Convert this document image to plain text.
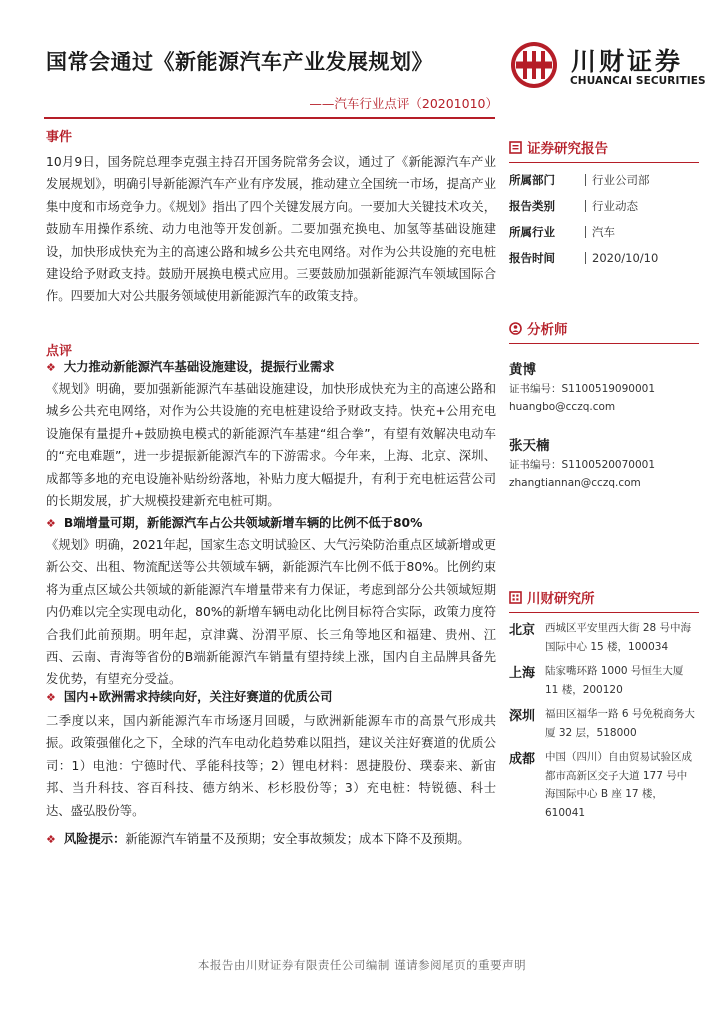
国常会通过《新能源汽车产业发展规划》
——汽车行业点评（20201010）
川财证券
CHUANCAI SECURITIES
事件
10月9日，国务院总理李克强主持召开国务院常务会议，通过了《新能源汽车产业发展规划》，明确引导新能源汽车产业有序发展，推动建立全国统一市场，提高产业集中度和市场竞争力。《规划》指出了四个关键发展方向。一要加大关键技术攻关，鼓励车用操作系统、动力电池等开发创新。二要加强充换电、加氢等基础设施建设，加快形成快充为主的高速公路和城乡公共充电网络。对作为公共设施的充电桩建设给予财政支持。鼓励开展换电模式应用。三要鼓励加强新能源汽车领域国际合作。四要加大对公共服务领域使用新能源汽车的政策支持。
点评
❖ 大力推动新能源汽车基础设施建设，提振行业需求
《规划》明确，要加强新能源汽车基础设施建设，加快形成快充为主的高速公路和城乡公共充电网络，对作为公共设施的充电桩建设给予财政支持。快充+公用充电设施保有量提升+鼓励换电模式的新能源汽车基建“组合拳”，有望有效解决电动车的“充电难题”，进一步提振新能源汽车的下游需求。今年来，上海、北京、深圳、成都等多地的充电设施补贴纷纷落地，补贴力度大幅提升，有利于充电桩运营公司的长期发展，扩大规模投建新充电桩可期。
❖ B端增量可期，新能源汽车占公共领域新增车辆的比例不低于80%
《规划》明确，2021年起，国家生态文明试验区、大气污染防治重点区域新增或更新公交、出租、物流配送等公共领域车辆，新能源汽车比例不低于80%。比例约束将为重点区域公共领域的新能源汽车增量带来有力保证，考虑到部分公共领域短期内仍难以完全实现电动化，80%的新增车辆电动化比例目标符合实际，政策力度符合我们此前预期。明年起，京津冀、汾渭平原、长三角等地区和福建、贵州、江西、云南、青海等省份的B端新能源汽车销量有望持续上涨，国内自主品牌具备先发优势，有望充分受益。
❖ 国内+欧洲需求持续向好，关注好赛道的优质公司
二季度以来，国内新能源汽车市场逐月回暖，与欧洲新能源车市的高景气形成共振。政策强催化之下，全球的汽车电动化趋势难以阻挡，建议关注好赛道的优质公司：1）电池：宁德时代、孚能科技等；2）锂电材料：恩捷股份、璞泰来、新宙邦、当升科技、容百科技、德方纳米、杉杉股份等；3）充电桩：特锐德、科士达、盛弘股份等。
❖ 风险提示：新能源汽车销量不及预期；安全事故频发；成本下降不及预期。
证券研究报告
所属部门	行业公司部
报告类别	行业动态
所属行业	汽车
报告时间	2020/10/10
分析师
黄博
证书编号：S1100519090001
huangbo@cczq.com
张天楠
证书编号：S1100520070001
zhangtiannan@cczq.com
川财研究所
北京 西城区平安里西大街 28 号中海国际中心 15 楼，100034
上海 陆家嘴环路 1000 号恒生大厦 11 楼，200120
深圳 福田区福华一路 6 号免税商务大厦 32 层，518000
成都 中国（四川）自由贸易试验区成都市高新区交子大道 177 号中海国际中心 B 座 17 楼，610041
本报告由川财证券有限责任公司编制 谨请参阅尾页的重要声明
